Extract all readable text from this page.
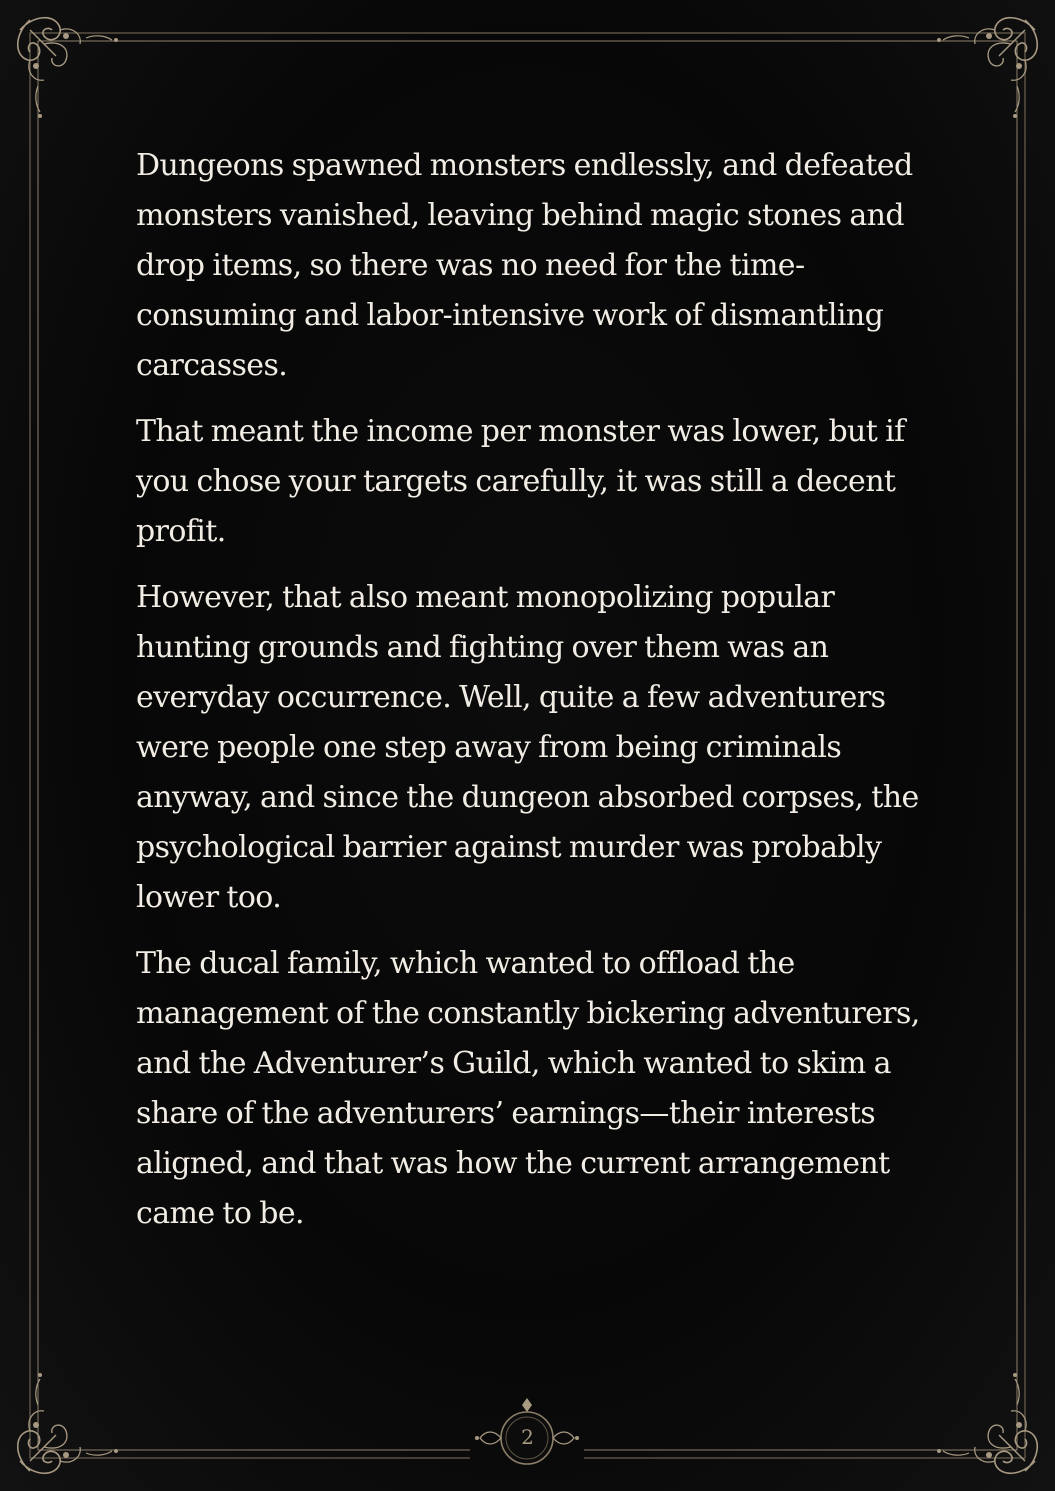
Dungeons spawned monsters endlessly, and defeated monsters vanished, leaving behind magic stones and drop items, so there was no need for the time-consuming and labor-intensive work of dismantling carcasses.

That meant the income per monster was lower, but if you chose your targets carefully, it was still a decent profit.

However, that also meant monopolizing popular hunting grounds and fighting over them was an everyday occurrence. Well, quite a few adventurers were people one step away from being criminals anyway, and since the dungeon absorbed corpses, the psychological barrier against murder was probably lower too.

The ducal family, which wanted to offload the management of the constantly bickering adventurers, and the Adventurer’s Guild, which wanted to skim a share of the adventurers’ earnings—their interests aligned, and that was how the current arrangement came to be.

2
